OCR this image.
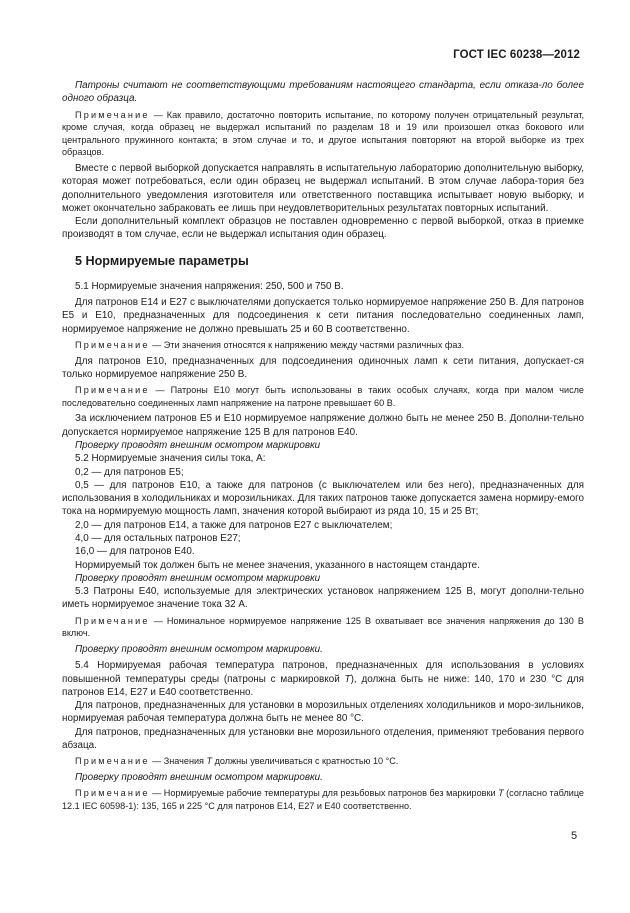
ГОСТ IEC 60238—2012

Патроны считают не соответствующими требованиям настоящего стандарта, если отказа-ло более одного образца.

Примечание — Как правило, достаточно повторить испытание, по которому получен отрицательный результат, кроме случая, когда образец не выдержал испытаний по разделам 18 и 19 или произошел отказ бокового или центрального пружинного контакта; в этом случае и то, и другое испытания повторяют на второй выборке из трех образцов.

Вместе с первой выборкой допускается направлять в испытательную лабораторию дополнительную выборку, которая может потребоваться, если один образец не выдержал испытаний. В этом случае лабора-тория без дополнительного уведомления изготовителя или ответственного поставщика испытывает новую выборку, и может окончательно забраковать ее лишь при неудовлетворительных результатах повторных испытаний.

Если дополнительный комплект образцов не поставлен одновременно с первой выборкой, отказ в приемке производят в том случае, если не выдержал испытания один образец.

5 Нормируемые параметры

5.1 Нормируемые значения напряжения: 250, 500 и 750 В.

Для патронов Е14 и Е27 с выключателями допускается только нормируемое напряжение 250 В. Для патронов Е5 и Е10, предназначенных для подсоединения к сети питания последовательно соединенных ламп, нормируемое напряжение не должно превышать 25 и 60 В соответственно.

Примечание — Эти значения относятся к напряжению между частями различных фаз.

Для патронов Е10, предназначенных для подсоединения одиночных ламп к сети питания, допускает-ся только нормируемое напряжение 250 В.

Примечание — Патроны Е10 могут быть использованы в таких особых случаях, когда при малом числе последовательно соединенных ламп напряжение на патроне превышает 60 В.

За исключением патронов Е5 и Е10 нормируемое напряжение должно быть не менее 250 В. Дополни-тельно допускается нормируемое напряжение 125 В для патронов Е40.

Проверку проводят внешним осмотром маркировки

5.2 Нормируемые значения силы тока, А:

0,2 — для патронов Е5;

0,5 — для патронов Е10, а также для патронов (с выключателем или без него), предназначенных для использования в холодильниках и морозильниках. Для таких патронов также допускается замена нормиру-емого тока на нормируемую мощность ламп, значения которой выбирают из ряда 10, 15 и 25 Вт;

2,0 — для патронов Е14, а также для патронов Е27 с выключателем;

4,0 — для остальных патронов Е27;

16,0 — для патронов Е40.

Нормируемый ток должен быть не менее значения, указанного в настоящем стандарте.

Проверку проводят внешним осмотром маркировки

5.3 Патроны Е40, используемые для электрических установок напряжением 125 В, могут дополни-тельно иметь нормируемое значение тока 32 А.

Примечание — Номинальное нормируемое напряжение 125 В охватывает все значения напряжения до 130 В включ.

Проверку проводят внешним осмотром маркировки.

5.4 Нормируемая рабочая температура патронов, предназначенных для использования в условиях повышенной температуры среды (патроны с маркировкой T), должна быть не ниже: 140, 170 и 230 °С для патронов Е14, Е27 и Е40 соответственно.

Для патронов, предназначенных для установки в морозильных отделениях холодильников и моро-зильников, нормируемая рабочая температура должна быть не менее 80 °С.

Для патронов, предназначенных для установки вне морозильного отделения, применяют требования первого абзаца.

Примечание — Значения T должны увеличиваться с кратностью 10 °С.

Проверку проводят внешним осмотром маркировки.

Примечание — Нормируемые рабочие температуры для резьбовых патронов без маркировки T (согласно таблице 12.1 IEC 60598-1): 135, 165 и 225 °С для патронов Е14, Е27 и Е40 соответственно.

5
